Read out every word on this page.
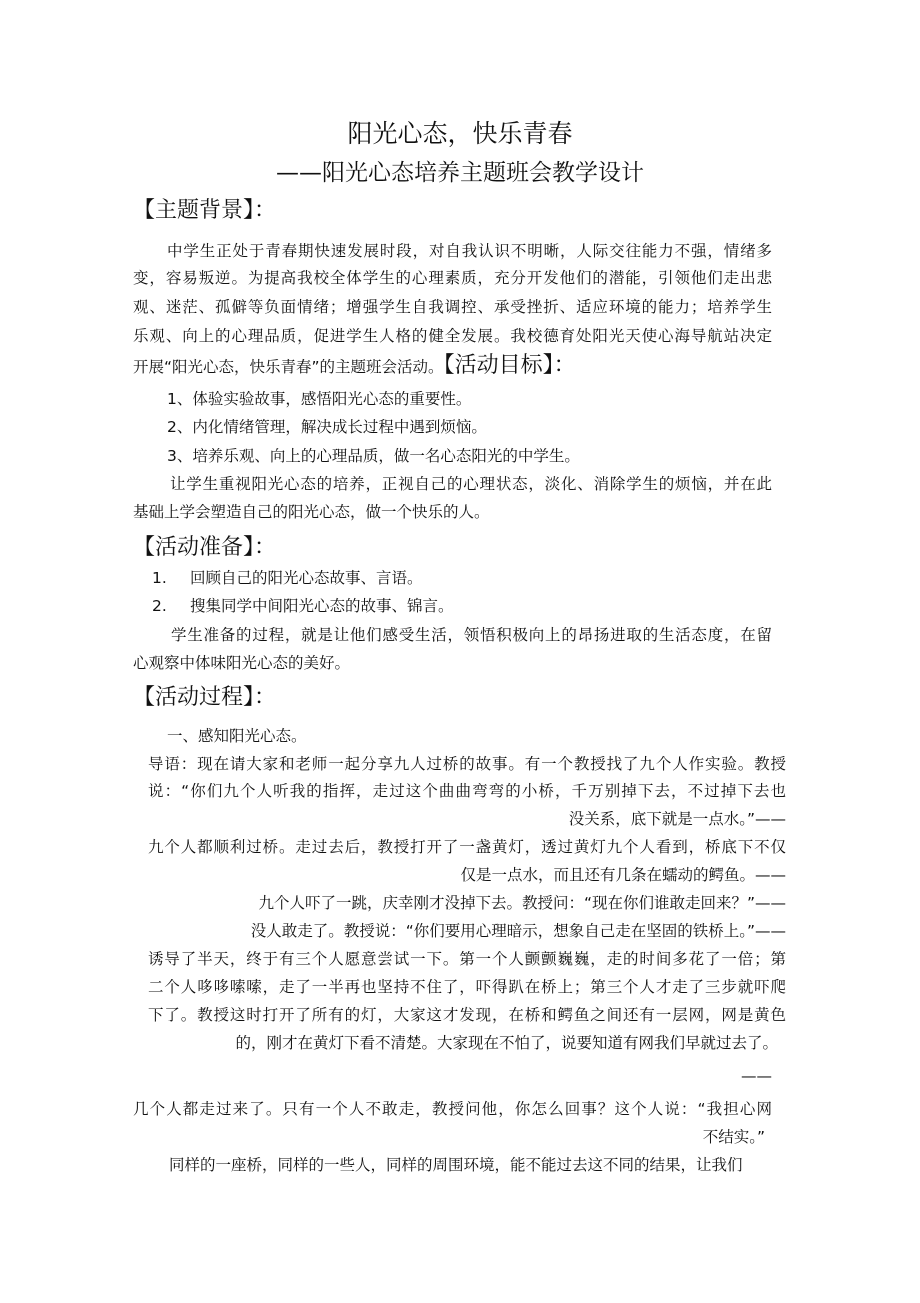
阳光心态，快乐青春
——阳光心态培养主题班会教学设计
【主题背景】：
中学生正处于青春期快速发展时段，对自我认识不明晰，人际交往能力不强，情绪多
变，容易叛逆。为提高我校全体学生的心理素质，充分开发他们的潜能，引领他们走出悲
观、迷茫、孤僻等负面情绪；增强学生自我调控、承受挫折、适应环境的能力；培养学生
乐观、向上的心理品质，促进学生人格的健全发展。我校德育处阳光天使心海导航站决定
开展“阳光心态，快乐青春”的主题班会活动。【活动目标】：
1、体验实验故事，感悟阳光心态的重要性。
2、内化情绪管理，解决成长过程中遇到烦恼。
3、培养乐观、向上的心理品质，做一名心态阳光的中学生。
让学生重视阳光心态的培养，正视自己的心理状态，淡化、消除学生的烦恼，并在此
基础上学会塑造自己的阳光心态，做一个快乐的人。
【活动准备】：
1. 回顾自己的阳光心态故事、言语。
2. 搜集同学中间阳光心态的故事、锦言。
学生准备的过程，就是让他们感受生活，领悟积极向上的昂扬进取的生活态度，在留
心观察中体味阳光心态的美好。
【活动过程】：
一、感知阳光心态。
导语：现在请大家和老师一起分享九人过桥的故事。有一个教授找了九个人作实验。教授
说：“你们九个人听我的指挥，走过这个曲曲弯弯的小桥，千万别掉下去，不过掉下去也
没关系，底下就是一点水。”——
九个人都顺利过桥。走过去后，教授打开了一盏黄灯，透过黄灯九个人看到，桥底下不仅
仅是一点水，而且还有几条在蠕动的鳄鱼。——
九个人吓了一跳，庆幸刚才没掉下去。教授问：“现在你们谁敢走回来？”——
没人敢走了。教授说：“你们要用心理暗示，想象自己走在坚固的铁桥上。”——
诱导了半天，终于有三个人愿意尝试一下。第一个人颤颤巍巍，走的时间多花了一倍；第
二个人哆哆嗦嗦，走了一半再也坚持不住了，吓得趴在桥上；第三个人才走了三步就吓爬
下了。教授这时打开了所有的灯，大家这才发现，在桥和鳄鱼之间还有一层网，网是黄色
的，刚才在黄灯下看不清楚。大家现在不怕了，说要知道有网我们早就过去了。
——
几个人都走过来了。只有一个人不敢走，教授问他，你怎么回事？这个人说：“我担心网
不结实。”
同样的一座桥，同样的一些人，同样的周围环境，能不能过去这不同的结果，让我们
